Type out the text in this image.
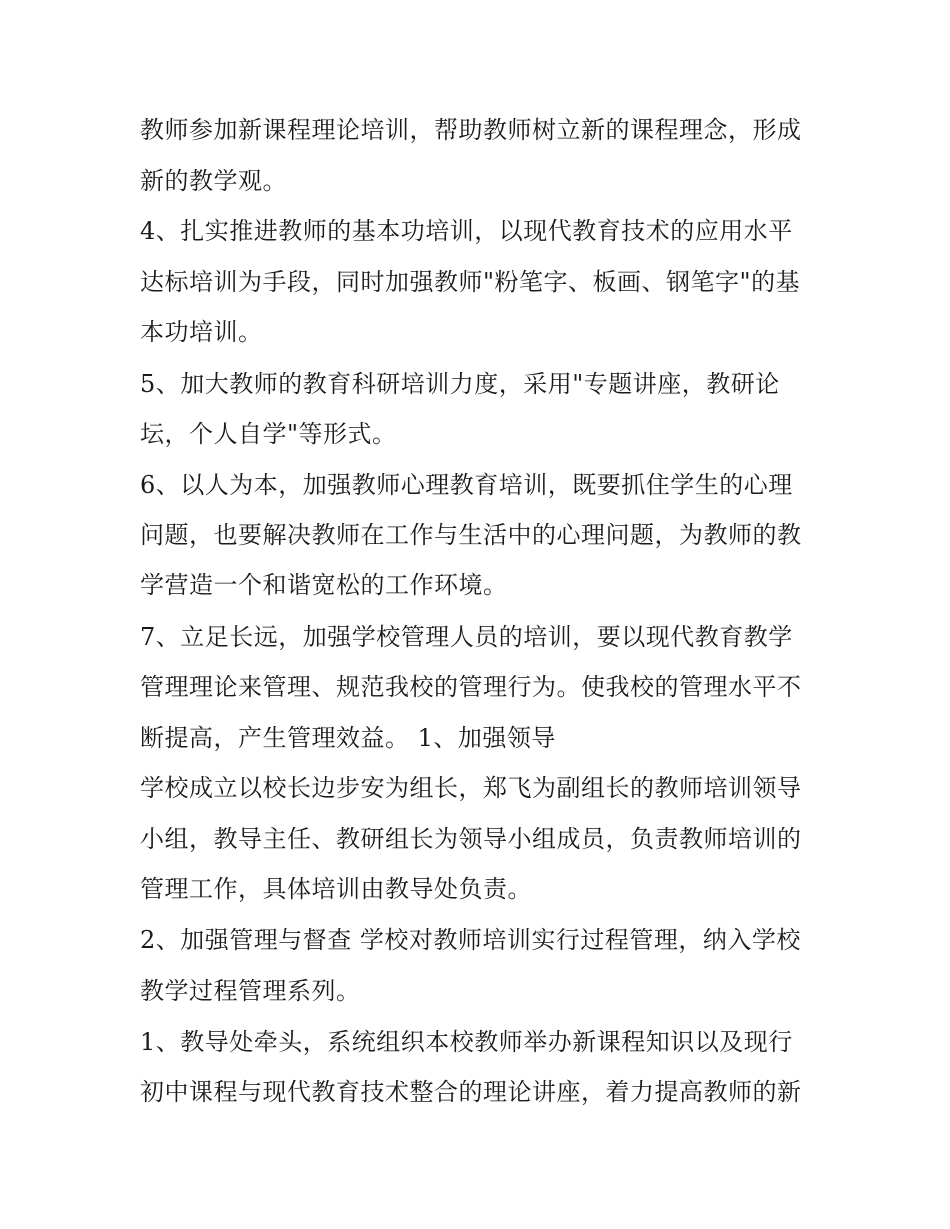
教师参加新课程理论培训，帮助教师树立新的课程理念，形成
新的教学观。
4、扎实推进教师的基本功培训，以现代教育技术的应用水平
达标培训为手段，同时加强教师"粉笔字、板画、钢笔字"的基
本功培训。
5、加大教师的教育科研培训力度，采用"专题讲座，教研论
坛，个人自学"等形式。
6、以人为本，加强教师心理教育培训，既要抓住学生的心理
问题，也要解决教师在工作与生活中的心理问题，为教师的教
学营造一个和谐宽松的工作环境。
7、立足长远，加强学校管理人员的培训，要以现代教育教学
管理理论来管理、规范我校的管理行为。使我校的管理水平不
断提高，产生管理效益。 1、加强领导
学校成立以校长边步安为组长，郑飞为副组长的教师培训领导
小组，教导主任、教研组长为领导小组成员，负责教师培训的
管理工作，具体培训由教导处负责。
2、加强管理与督查 学校对教师培训实行过程管理，纳入学校
教学过程管理系列。
1、教导处牵头，系统组织本校教师举办新课程知识以及现行
初中课程与现代教育技术整合的理论讲座，着力提高教师的新
